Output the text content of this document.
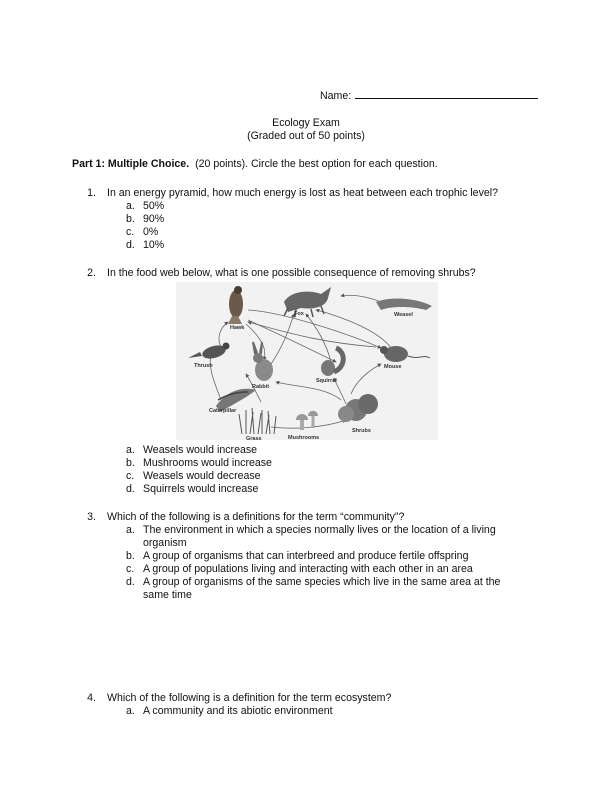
Name:
Ecology Exam
(Graded out of 50 points)
Part 1: Multiple Choice. (20 points). Circle the best option for each question.
1. In an energy pyramid, how much energy is lost as heat between each trophic level?
a. 50%
b. 90%
c. 0%
d. 10%
2. In the food web below, what is one possible consequence of removing shrubs?
Hawk
Fox	Weasel
Thrush
Rabbit
Squirrel
Mouse
Caterpillar
Grass	Mushrooms
Shrubs
a. Weasels would increase
b. Mushrooms would increase
c. Weasels would decrease
d. Squirrels would increase
3. Which of the following is a definitions for the term “community”?
a. The environment in which a species normally lives or the location of a living organism
b. A group of organisms that can interbreed and produce fertile offspring
c. A group of populations living and interacting with each other in an area
d. A group of organisms of the same species which live in the same area at the same time
4. Which of the following is a definition for the term ecosystem?
a. A community and its abiotic environment
